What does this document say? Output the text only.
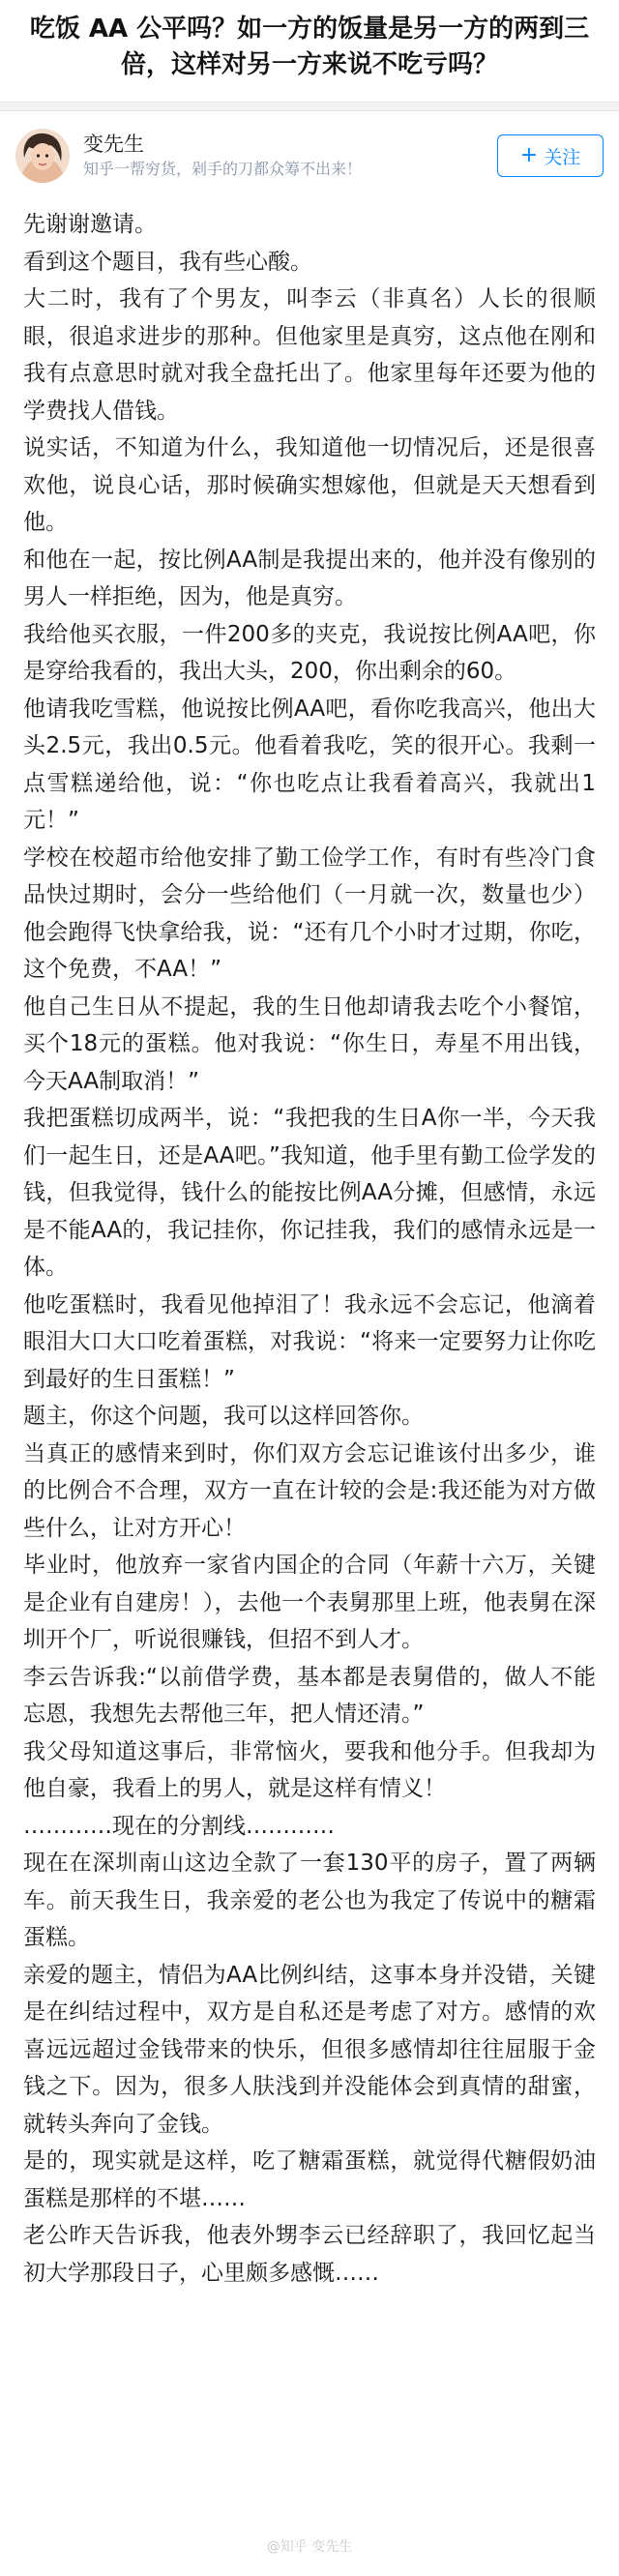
吃饭 AA 公平吗？如一方的饭量是另一方的两到三倍，这样对另一方来说不吃亏吗？
变先生
知乎一帮穷货，剁手的刀都众筹不出来！
+ 关注

先谢谢邀请。

看到这个题目，我有些心酸。

大二时，我有了个男友，叫李云（非真名）人长的很顺眼，很追求进步的那种。但他家里是真穷，这点他在刚和我有点意思时就对我全盘托出了。他家里每年还要为他的学费找人借钱。

说实话，不知道为什么，我知道他一切情况后，还是很喜欢他，说良心话，那时候确实想嫁他，但就是天天想看到他。

和他在一起，按比例AA制是我提出来的，他并没有像别的男人一样拒绝，因为，他是真穷。

我给他买衣服，一件200多的夹克，我说按比例AA吧，你是穿给我看的，我出大头，200，你出剩余的60。

他请我吃雪糕，他说按比例AA吧，看你吃我高兴，他出大头2.5元，我出0.5元。他看着我吃，笑的很开心。我剩一点雪糕递给他，说：“你也吃点让我看着高兴，我就出1元！”

学校在校超市给他安排了勤工俭学工作，有时有些冷门食品快过期时，会分一些给他们（一月就一次，数量也少）他会跑得飞快拿给我，说：“还有几个小时才过期，你吃，这个免费，不AA！”

他自己生日从不提起，我的生日他却请我去吃个小餐馆，买个18元的蛋糕。他对我说：“你生日，寿星不用出钱，今天AA制取消！”

我把蛋糕切成两半，说：“我把我的生日A你一半，今天我们一起生日，还是AA吧。”我知道，他手里有勤工俭学发的钱，但我觉得，钱什么的能按比例AA分摊，但感情，永远是不能AA的，我记挂你，你记挂我，我们的感情永远是一体。

他吃蛋糕时，我看见他掉泪了！我永远不会忘记，他滴着眼泪大口大口吃着蛋糕，对我说：“将来一定要努力让你吃到最好的生日蛋糕！”

题主，你这个问题，我可以这样回答你。

当真正的感情来到时，你们双方会忘记谁该付出多少，谁的比例合不合理，双方一直在计较的会是:我还能为对方做些什么，让对方开心！

毕业时，他放弃一家省内国企的合同（年薪十六万，关键是企业有自建房！），去他一个表舅那里上班，他表舅在深圳开个厂，听说很赚钱，但招不到人才。

李云告诉我:“以前借学费，基本都是表舅借的，做人不能忘恩，我想先去帮他三年，把人情还清。”

我父母知道这事后，非常恼火，要我和他分手。但我却为他自豪，我看上的男人，就是这样有情义！

…………现在的分割线…………

现在在深圳南山这边全款了一套130平的房子，置了两辆车。前天我生日，我亲爱的老公也为我定了传说中的糖霜蛋糕。

亲爱的题主，情侣为AA比例纠结，这事本身并没错，关键是在纠结过程中，双方是自私还是考虑了对方。感情的欢喜远远超过金钱带来的快乐，但很多感情却往往屈服于金钱之下。因为，很多人肤浅到并没能体会到真情的甜蜜，就转头奔向了金钱。

是的，现实就是这样，吃了糖霜蛋糕，就觉得代糖假奶油蛋糕是那样的不堪……

老公昨天告诉我，他表外甥李云已经辞职了，我回忆起当初大学那段日子，心里颇多感慨……

@知乎 变先生
